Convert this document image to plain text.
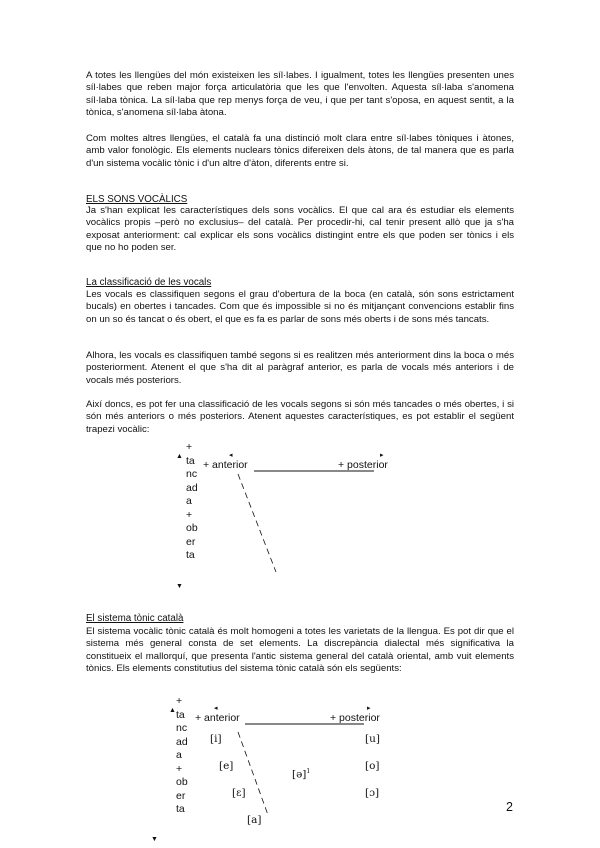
A totes les llengües del món existeixen les síl·labes. I igualment, totes les llengües presenten unes síl·labes que reben major força articulatòria que les que l'envolten. Aquesta síl·laba s'anomena síl·laba tònica. La síl·laba que rep menys força de veu, i que per tant s'oposa, en aquest sentit, a la tònica, s'anomena síl·laba àtona.

Com moltes altres llengües, el català fa una distinció molt clara entre síl·labes tòniques i àtones, amb valor fonològic. Els elements nuclears tònics difereixen dels àtons, de tal manera que es parla d'un sistema vocàlic tònic i d'un altre d'àton, diferents entre si.

ELS SONS VOCÀLICS

Ja s'han explicat les característiques dels sons vocàlics. El que cal ara és estudiar els elements vocàlics propis –però no exclusius– del català. Per procedir-hi, cal tenir present allò que ja s'ha exposat anteriorment: cal explicar els sons vocàlics distingint entre els que poden ser tònics i els que no ho poden ser.

La classificació de les vocals

Les vocals es classifiquen segons el grau d'obertura de la boca (en català, són sons estrictament bucals) en obertes i tancades. Com que és impossible si no és mitjançant convencions establir fins on un so és tancat o és obert, el que es fa es parlar de sons més oberts i de sons més tancats.

Alhora, les vocals es classifiquen també segons si es realitzen més anteriorment dins la boca o més posteriorment. Atenent el que s'ha dit al paràgraf anterior, es parla de vocals més anteriors i de vocals més posteriors.

Així doncs, es pot fer una classificació de les vocals segons si són més tancades o més obertes, i si són més anteriors o més posteriors. Atenent aquestes característiques, es pot establir el següent trapezi vocàlic:

▲
▼
+
ta
nc
ad
a
+
ob
er
ta
◂	▸
+ anterior	+ posterior

El sistema tònic català

El sistema vocàlic tònic català és molt homogeni a totes les varietats de la llengua. Es pot dir que el sistema més general consta de set elements. La discrepància dialectal més significativa la constitueix el mallorquí, que presenta l'antic sistema general del català oriental, amb vuit elements tònics. Els elements constitutius del sistema tònic català són els següents:

▲
▼
+
ta
nc
ad
a
+
ob
er
ta
◂	▸
+ anterior	+ posterior
[i]
[e]
[ɛ]
[a]
[ə]$^1$
[u]
[o]
[ɔ]
2
